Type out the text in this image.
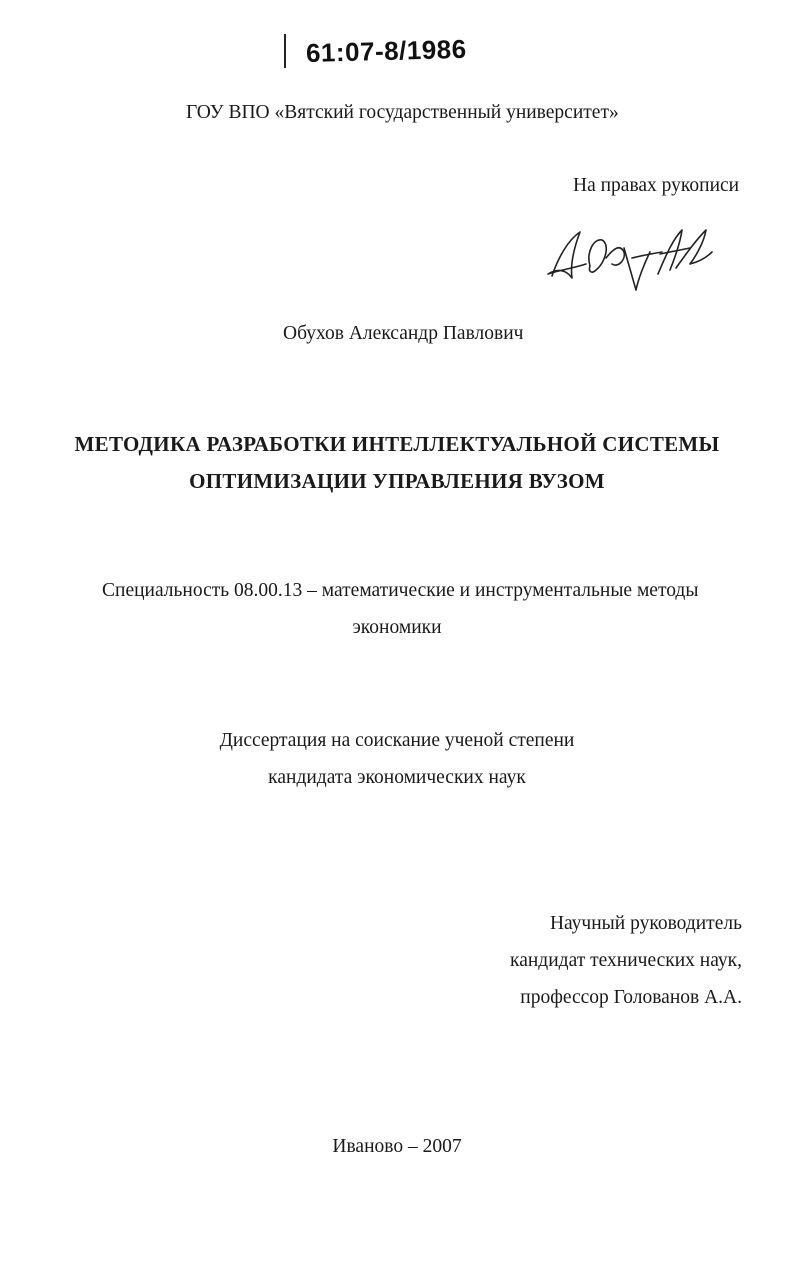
61:07-8/1986
ГОУ ВПО «Вятский государственный университет»
На правах рукописи
Обухов Александр Павлович
МЕТОДИКА РАЗРАБОТКИ ИНТЕЛЛЕКТУАЛЬНОЙ СИСТЕМЫ
ОПТИМИЗАЦИИ УПРАВЛЕНИЯ ВУЗОМ
Специальность 08.00.13 – математические и инструментальные методы
экономики
Диссертация на соискание ученой степени
кандидата экономических наук
Научный руководитель
кандидат технических наук,
профессор Голованов А.А.
Иваново – 2007
